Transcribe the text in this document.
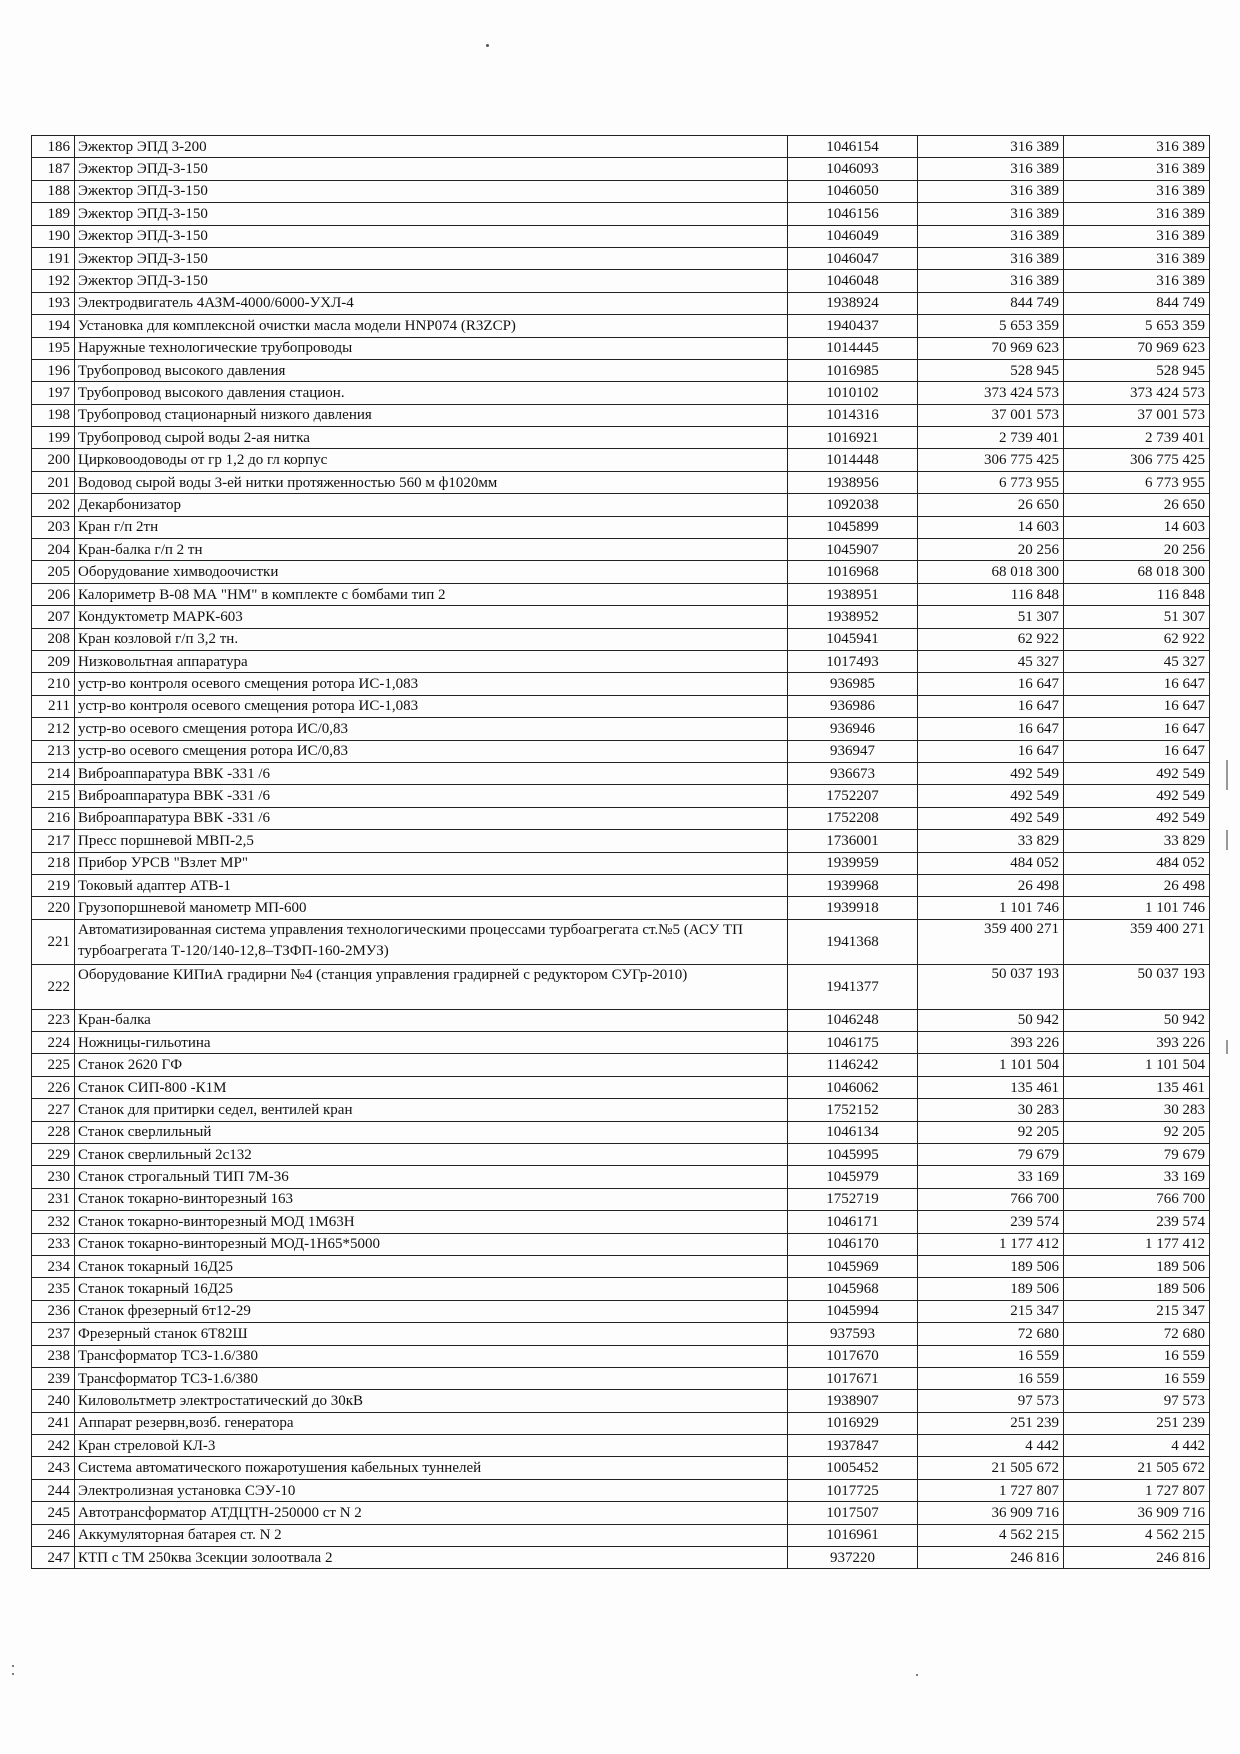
186	Эжектор ЭПД 3-200	1046154	316 389	316 389
187	Эжектор ЭПД-3-150	1046093	316 389	316 389
188	Эжектор ЭПД-3-150	1046050	316 389	316 389
189	Эжектор ЭПД-3-150	1046156	316 389	316 389
190	Эжектор ЭПД-3-150	1046049	316 389	316 389
191	Эжектор ЭПД-3-150	1046047	316 389	316 389
192	Эжектор ЭПД-3-150	1046048	316 389	316 389
193	Электродвигатель 4АЗМ-4000/6000-УХЛ-4	1938924	844 749	844 749
194	Установка для комплексной очистки масла модели HNP074 (R3ZCP)	1940437	5 653 359	5 653 359
195	Наружные технологические трубопроводы	1014445	70 969 623	70 969 623
196	Трубопровод высокого давления	1016985	528 945	528 945
197	Трубопровод высокого давления стацион.	1010102	373 424 573	373 424 573
198	Трубопровод стационарный низкого давления	1014316	37 001 573	37 001 573
199	Трубопровод сырой воды 2-ая нитка	1016921	2 739 401	2 739 401
200	Цирковоодоводы от гр 1,2 до гл корпус	1014448	306 775 425	306 775 425
201	Водовод сырой воды 3-ей нитки протяженностью 560 м ф1020мм	1938956	6 773 955	6 773 955
202	Декарбонизатор	1092038	26 650	26 650
203	Кран г/п 2тн	1045899	14 603	14 603
204	Кран-балка г/п 2 тн	1045907	20 256	20 256
205	Оборудование химводоочистки	1016968	68 018 300	68 018 300
206	Калориметр В-08 МА "НМ" в комплекте с бомбами тип 2	1938951	116 848	116 848
207	Кондуктометр МАРК-603	1938952	51 307	51 307
208	Кран козловой г/п 3,2 тн.	1045941	62 922	62 922
209	Низковольтная аппаратура	1017493	45 327	45 327
210	устр-во контроля осевого смещения ротора ИС-1,083	936985	16 647	16 647
211	устр-во контроля осевого смещения ротора ИС-1,083	936986	16 647	16 647
212	устр-во осевого смещения ротора ИС/0,83	936946	16 647	16 647
213	устр-во осевого смещения ротора ИС/0,83	936947	16 647	16 647
214	Виброаппаратура ВВК -331 /6	936673	492 549	492 549
215	Виброаппаратура ВВК -331 /6	1752207	492 549	492 549
216	Виброаппаратура ВВК -331 /6	1752208	492 549	492 549
217	Пресс поршневой МВП-2,5	1736001	33 829	33 829
218	Прибор УРСВ "Взлет МР"	1939959	484 052	484 052
219	Токовый адаптер АТВ-1	1939968	26 498	26 498
220	Грузопоршневой манометр МП-600	1939918	1 101 746	1 101 746
221	Автоматизированная система управления технологическими процессами турбоагрегата ст.№5 (АСУ ТП турбоагрегата Т-120/140-12,8–ТЗФП-160-2МУЗ)	1941368	359 400 271	359 400 271
222	Оборудование КИПиА градирни №4 (станция управления градирней с редуктором СУГр-2010)	1941377	50 037 193	50 037 193
223	Кран-балка	1046248	50 942	50 942
224	Ножницы-гильотина	1046175	393 226	393 226
225	Станок 2620 ГФ	1146242	1 101 504	1 101 504
226	Станок СИП-800 -К1М	1046062	135 461	135 461
227	Станок для притирки седел, вентилей кран	1752152	30 283	30 283
228	Станок сверлильный	1046134	92 205	92 205
229	Станок сверлильный 2с132	1045995	79 679	79 679
230	Станок строгальный ТИП 7М-36	1045979	33 169	33 169
231	Станок токарно-винторезный 163	1752719	766 700	766 700
232	Станок токарно-винторезный МОД 1М63Н	1046171	239 574	239 574
233	Станок токарно-винторезный МОД-1Н65*5000	1046170	1 177 412	1 177 412
234	Станок токарный 16Д25	1045969	189 506	189 506
235	Станок токарный 16Д25	1045968	189 506	189 506
236	Станок фрезерный 6т12-29	1045994	215 347	215 347
237	Фрезерный станок 6Т82Ш	937593	72 680	72 680
238	Трансформатор ТСЗ-1.6/380	1017670	16 559	16 559
239	Трансформатор ТСЗ-1.6/380	1017671	16 559	16 559
240	Киловольтметр электростатический до 30кВ	1938907	97 573	97 573
241	Аппарат резервн,возб. генератора	1016929	251 239	251 239
242	Кран стреловой КЛ-3	1937847	4 442	4 442
243	Система автоматического пожаротушения кабельных туннелей	1005452	21 505 672	21 505 672
244	Электролизная установка СЭУ-10	1017725	1 727 807	1 727 807
245	Автотрансформатор АТДЦТН-250000 ст N 2	1017507	36 909 716	36 909 716
246	Аккумуляторная батарея ст. N 2	1016961	4 562 215	4 562 215
247	КТП с ТМ 250ква 3секции золоотвала 2	937220	246 816	246 816
